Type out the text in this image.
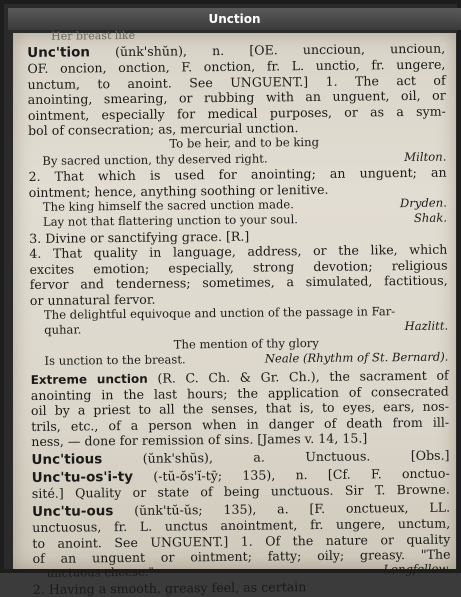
Unction
Her breast like
Unc'tion (ŭnk'shŭn), n. [OE. unccioun, uncioun,
OF. oncion, onction, F. onction, fr. L. unctio, fr. ungere,
unctum, to anoint. See UNGUENT.] 1. The act of
anointing, smearing, or rubbing with an unguent, oil, or
ointment, especially for medical purposes, or as a sym-
bol of consecration; as, mercurial unction.
To be heir, and to be king
By sacred unction, thy deserved right.	Milton.
2. That which is used for anointing; an unguent; an
ointment; hence, anything soothing or lenitive.
The king himself the sacred unction made.	Dryden.
Lay not that flattering unction to your soul.	Shak.
3. Divine or sanctifying grace. [R.]
4. That quality in language, address, or the like, which
excites emotion; especially, strong devotion; religious
fervor and tenderness; sometimes, a simulated, factitious,
or unnatural fervor.
The delightful equivoque and unction of the passage in Far-
quhar.	Hazlitt.
The mention of thy glory
Is unction to the breast.	Neale (Rhythm of St. Bernard).
Extreme unction (R. C. Ch. & Gr. Ch.), the sacrament of
anointing in the last hours; the application of consecrated
oil by a priest to all the senses, that is, to eyes, ears, nos-
trils, etc., of a person when in danger of death from ill-
ness, — done for remission of sins. [James v. 14, 15.]
Unc'tious	(ŭnk'shŭs), a. Unctuous. [Obs.]
Unc'tu-os'i-ty (-tŭ-ŏs'ĭ-tȳ; 135), n. [Cf. F. onctuo-
sité.] Quality or state of being unctuous. Sir T. Browne.
Unc'tu-ous (ŭnk'tŭ-ŭs; 135), a. [F. onctueux, LL.
unctuosus, fr. L. unctus anointment, fr. ungere, unctum,
to anoint. See UNGUENT.] 1. Of the nature or quality
of an unguent or ointment; fatty; oily; greasy. "The
unctuous cheese."	Longfellow.
2. Having a smooth, greasy feel, as certain
